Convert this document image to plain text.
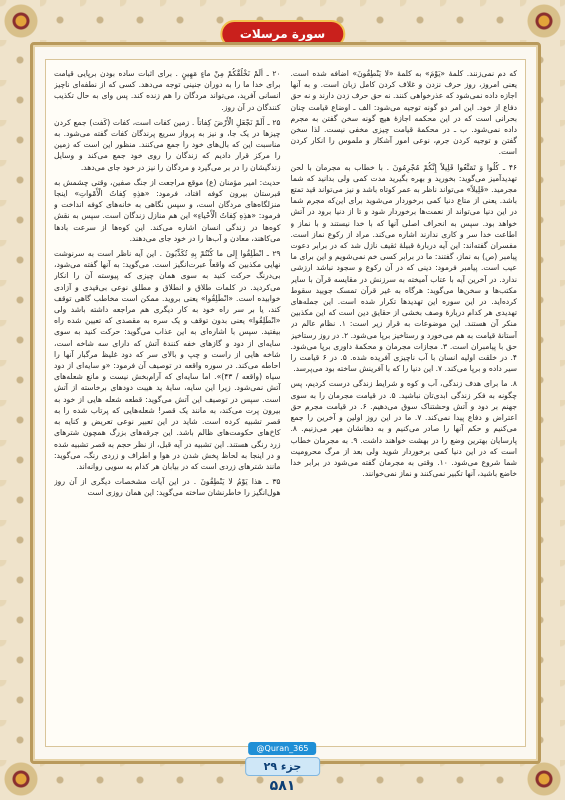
سورة مرسلات

۲۰ ـ أَلَمْ نَخْلُقْكُمْ مِنْ ماءٍ مَهِينٍ . برای اثبات ساده بودن برپایی قیامت برای خدا ما را به دوران جنینی توجه می‌دهد. کسی که از نطفه‌ای ناچیز انسانی آفرید، می‌تواند مردگان را هم زنده کند. پس وای به حال تکذیب کنندگان در آن روز.

۲۵ ـ أَلَمْ نَجْعَلِ الْأَرْضَ كِفاتاً . زمین کفات است، کفات (کَفت) جمع کردن چیزها در یک جا، و نیز به پرواز سریع پرندگان کفات گفته می‌شود. به مناسبت این که بال‌های خود را جمع می‌کنند. منظور این است که زمین را مرکز قرار دادیم که زندگان را روی خود جمع می‌کند و وسایل زندگیشان را در بر می‌گیرد و مردگان را نیز در خود جای می‌دهد.

حدیث: امیر مؤمنان (ع) موقع مراجعت از جنگ صفین، وقتی چشمش به قبرستان بیرون کوفه افتاد، فرمود: «هذِهِ كِفاتُ الْأَمْواتِ» اینجا منزلگاه‌های مردگان است، و سپس نگاهی به خانه‌های کوفه انداخت و فرمود: «هذِهِ كِفاتُ الْأَحْياءِ» این هم منازل زندگان است. سپس به نقش کوه‌ها در زندگی انسان اشاره می‌کند. این کوه‌ها از سرعت بادها می‌کاهند، معادن و آب‌ها را در خود جای می‌دهند.

۲۹ ـ انْطَلِقُوا إِلى ما كُنْتُمْ بِهِ تُكَذِّبُونَ . این آیه ناظر است به سرنوشت نهایی مکذبین که واقعاً عبرت‌انگیز است. می‌گوید: به آنها گفته می‌شود، بی‌درنگ حرکت کنید به سوی همان چیزی که پیوسته آن را انکار می‌کردید. در کلمات طلاق و انطلاق و مطلق نوعی بی‌قیدی و آزادی خوابیده است. «انْطَلِقُوا» یعنی بروید. ممکن است مخاطب گاهی توقف کند، یا بر سر راه خود به کار دیگری هم مراجعه داشته باشد ولی «انْطَلِقُوا» یعنی بدون توقف و یک سره به مقصدی که تعیین شده راه بیفتید. سپس با اشاره‌ای به این عذاب می‌گوید: حرکت کنید به سوی سایه‌ای از دود و گازهای خفه کنندهٔ آتش که دارای سه شاخه است، شاخه هایی از راست و چپ و بالای سر که دود غلیظ مرگبار آنها را احاطه می‌کند. در سوره واقعه در توصیف آن فرمود: «و سایه‌ای از دود سیاه (واقعه / ۴۳)». اما سایه‌ای که آرام‌بخش نیست و مانع شعله‌های آتش نمی‌شود. زیرا این سایه، سایهٔ ید هیبت دودهای برخاسته از آتش است. سپس در توصیف این آتش می‌گوید: قطعه شعله هایی از خود به بیرون پرت می‌کند، به مانند یک قصر! شعله‌هایی که پرتاب شده را به قصر تشبیه کرده است. شاید در این تعبیر نوعی تعریض و کنایه به کاخ‌های حکومت‌های ظالم باشد. این جرقه‌های بزرگ همچون شترهای زرد رنگی هستند. این تشبیه در آیه قبل، از نظر حجم به قصر تشبیه شده و در اینجا به لحاظ پخش شدن در هوا و اطراف و زردی رنگ، می‌گوید: مانند شترهای زردی است که در بیابان هر کدام به سویی روانه‌اند.

۳۵ ـ هذا يَوْمُ لا يَنْطِقُونَ . در این آیات مشخصات دیگری از آن روز هول‌انگیز را خاطرنشان ساخته می‌گوید: این همان روزی است

که دم نمی‌زنند. کلمهٔ «يَوْمَ» به کلمهٔ «لا يَنْطِقُونَ» اضافه شده است. یعنی امروز، روز حرف نزدن و غلاف کردن کامل زبان است. و به آنها اجازه داده نمی‌شود که عذرخواهی کنند. نه حق حرف زدن دارند و نه حق دفاع از خود. این امر دو گونه توجیه می‌شود: الف ـ اوضاع قیامت چنان بحرانی است که در این محکمه اجازهٔ هیچ گونه سخن گفتن به مجرم داده نمی‌شود. ب ـ در محکمهٔ قیامت چیزی مخفی نیست. لذا سخن گفتن و توجیه کردن جرم، نوعی امور آشکار و ملموس را انکار کردن است.

۴۶ ـ كُلُوا وَ تَمَتَّعُوا قَلِيلاً إِنَّكُمْ مُجْرِمُونَ . با خطاب به مجرمان با لحن تهدیدآمیز می‌گوید: بخورید و بهره بگیرید مدت کمی ولی بدانید که شما مجرمید. «قَلِيلاً» می‌تواند ناظر به عمر کوتاه باشد و نیز می‌تواند قید تمتع باشد. یعنی از متاع دنیا کمی برخوردار می‌شوید برای این‌که مجرم شما در این دنیا می‌تواند از نعمت‌ها برخوردار شود و تا از دنیا برود در آتش خواهد بود. سپس به انحراف اصلی آنها که با خدا نیستند و با نماز و اطاعت خدا سر و کاری ندارند اشاره می‌کند. مراد از رکوع نماز است. مفسران گفته‌اند: این آیه دربارهٔ قبیلهٔ ثقیف نازل شد که در برابر دعوت پیامبر (ص) به نماز، گفتند: ما در برابر کسی خم نمی‌شویم و این برای ما عیب است. پیامبر فرمود: دینی که در آن رکوع و سجود نباشد ارزشی ندارد. در آخرین آیه با عتاب آمیخته به سرزنش در مقایسه قرآن با سایر مکتب‌ها و سخن‌ها می‌گوید: هرگاه به غیر قرآن تمسک جویید سقوط کرده‌اید. در این سوره این تهدیدها تکرار شده است. این جمله‌های تهدیدی هر کدام دربارهٔ وصف بخشی از حقایق دین است که این مکذبین منکر آن هستند. این موضوعات به قرار زیر است: ۱. نظام عالم در آستانهٔ قیامت به هم می‌خورد و رستاخیز برپا می‌شود. ۲. در روز رستاخیز حق با پیامبران است. ۳. مجازات مجرمان و محکمهٔ داوری برپا می‌شود. ۴. در خلقت اولیه انسان با آب ناچیزی آفریده شده. ۵. در ۶ قیامت را سیر داده و برپا می‌کند. ۷. این دنیا را که با آفرینش ساخته بود می‌پرسد.

۸. ما برای هدف زندگی، آب و کوه و شرایط زندگی درست کردیم، پس چگونه به فکر زندگی ابدی‌تان نباشید. ۵. در قیامت مجرمان را به سوی جهنم بر دود و آتش وحشتناک سوق می‌دهیم. ۶. در قیامت مجرم حق اعتراض و دفاع پیدا نمی‌کند. ۷. ما در این روز اولین و آخرین را جمع می‌کنیم و حکم آنها را صادر می‌کنیم و به دهانشان مهر می‌زنیم. ۸. پارسایان بهترین وضع را در بهشت خواهند داشت. ۹. به مجرمان خطاب است که در این دنیا کمی برخوردار شوید ولی بعد از مرگ محرومیت شما شروع می‌شود. ۱۰. وقتی به مجرمان گفته می‌شود در برابر خدا خاضع باشید، آنها تکبیر نمی‌کنند و نماز نمی‌خوانند.

@Quran_365
جزء ۲۹
۵۸۱
